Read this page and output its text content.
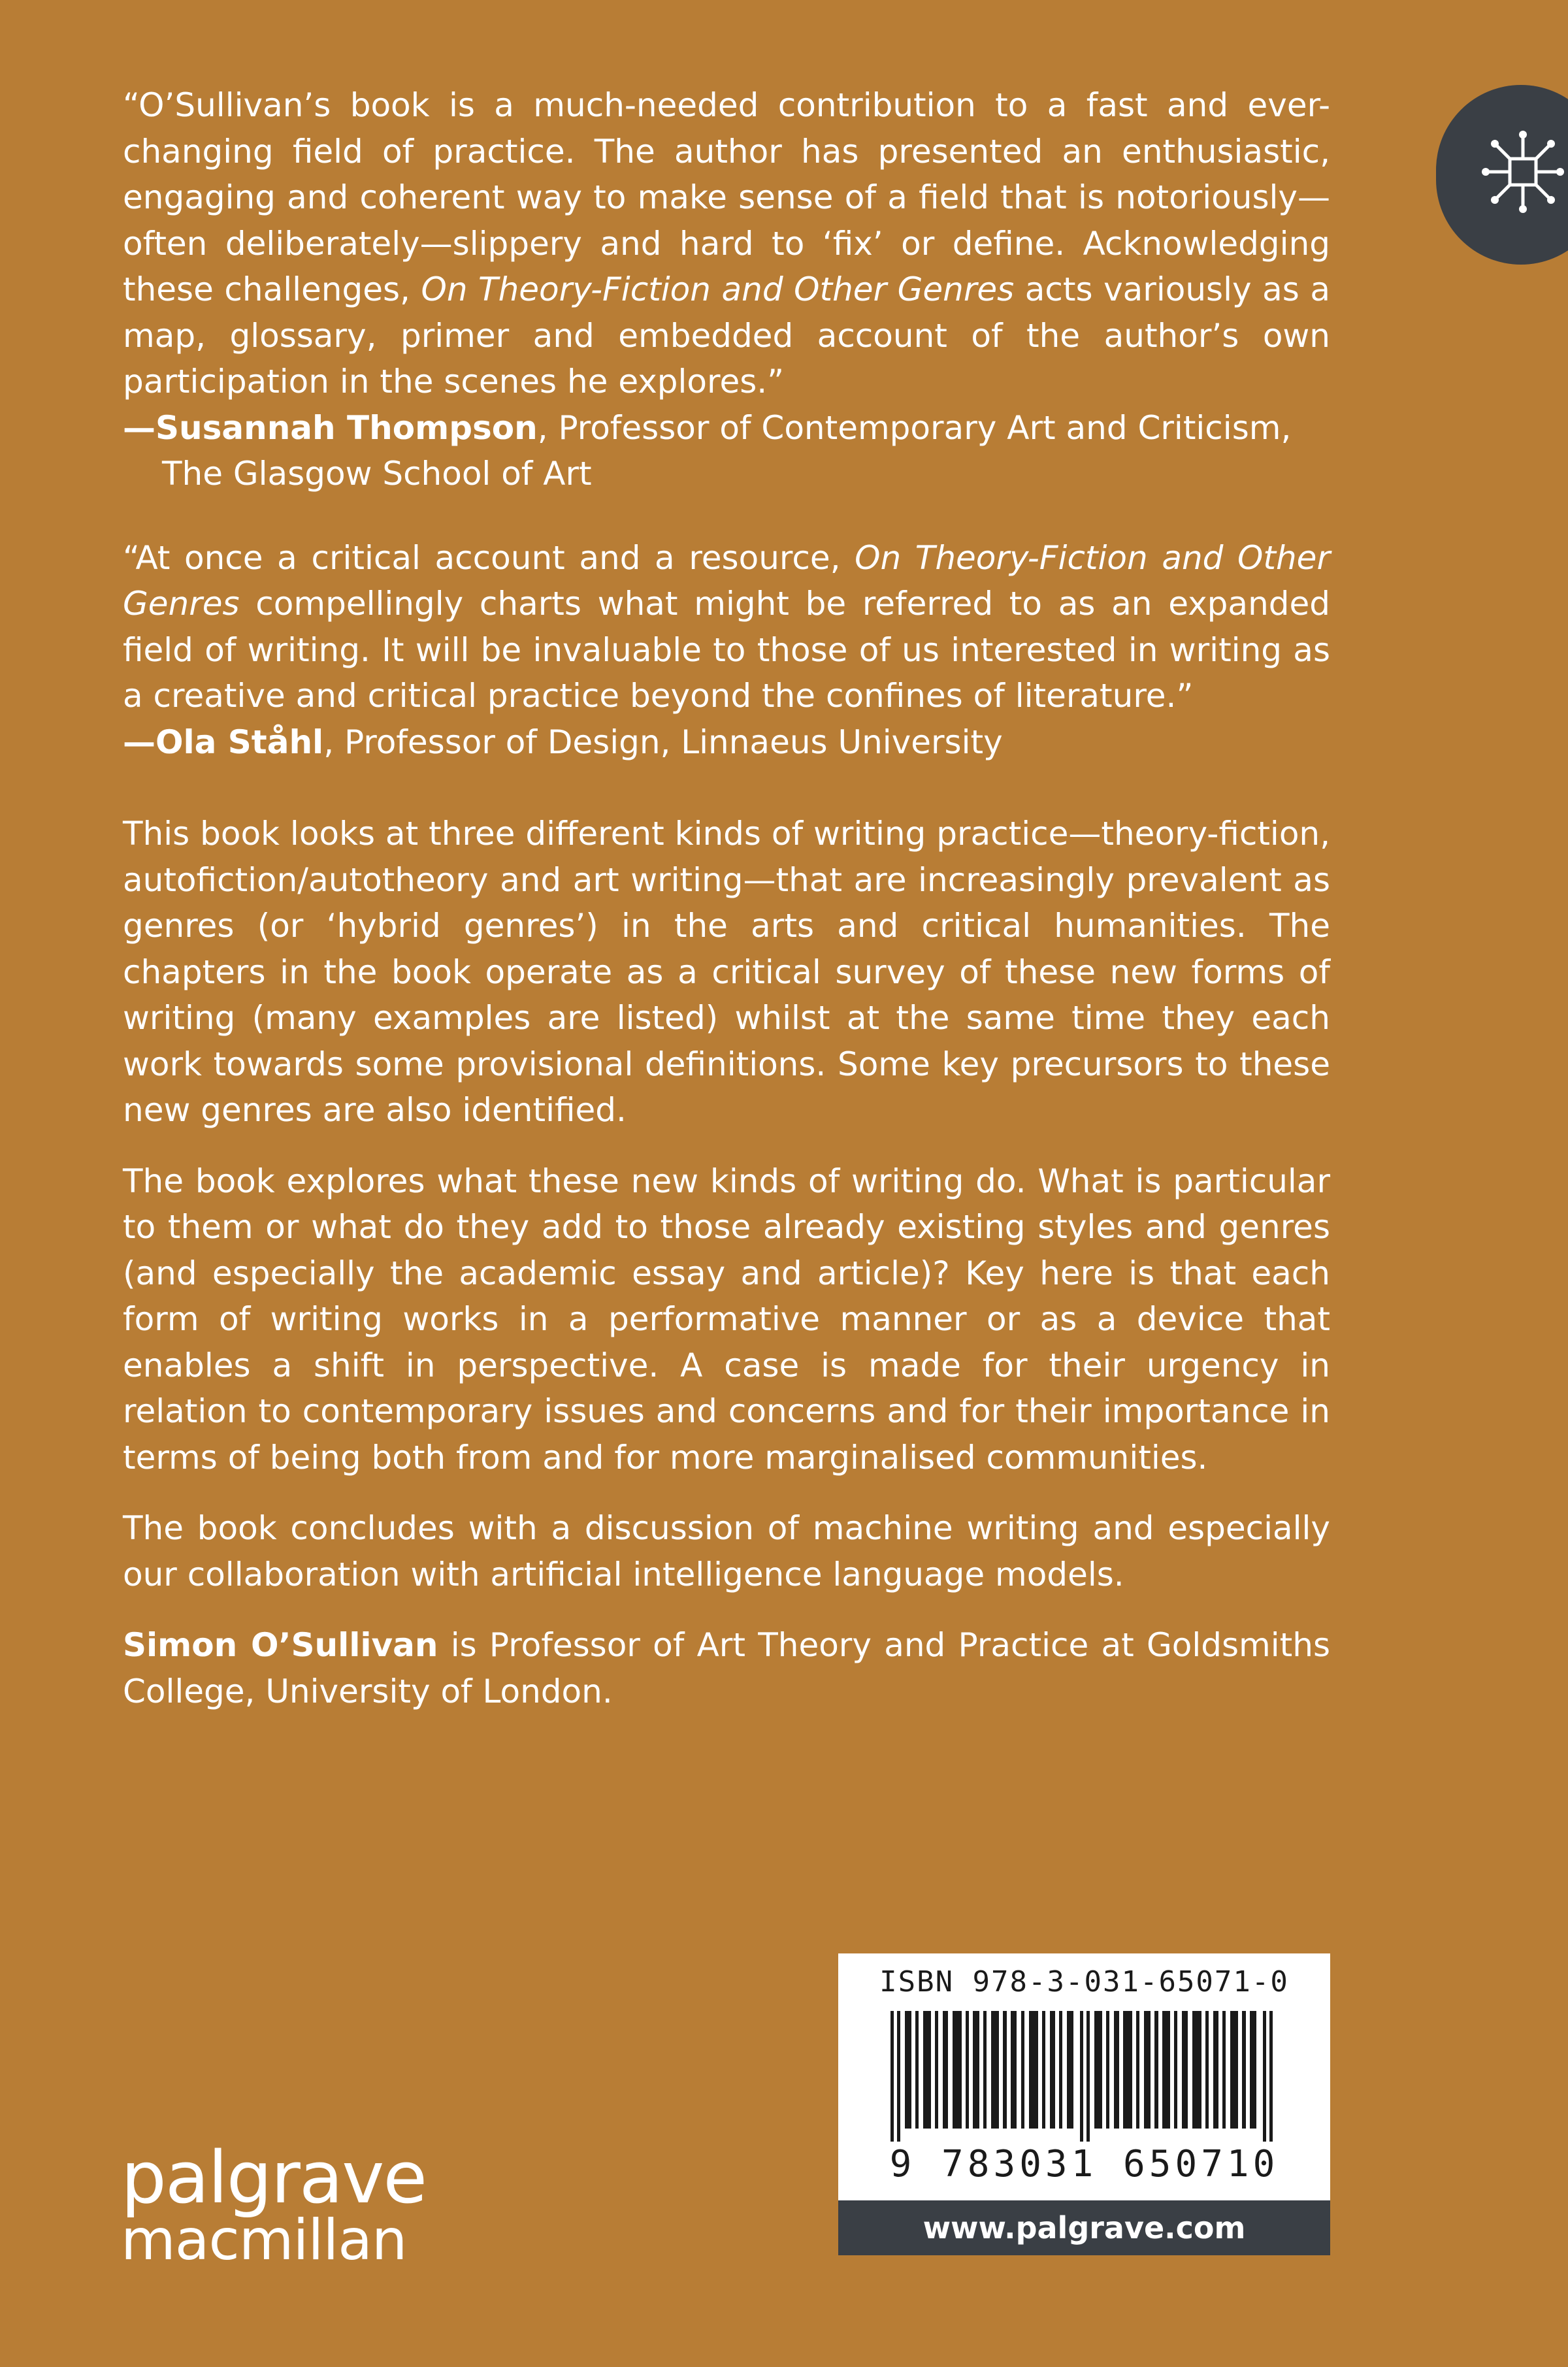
“O’Sullivan’s book is a much-needed contribution to a fast and ever-changing field of practice. The author has presented an enthusiastic, engaging and coherent way to make sense of a field that is notoriously—often deliberately—slippery and hard to ‘fix’ or define. Acknowledging these challenges, On Theory-Fiction and Other Genres acts variously as a map, glossary, primer and embedded account of the author’s own participation in the scenes he explores.”

—Susannah Thompson, Professor of Contemporary Art and Criticism, The Glasgow School of Art

“At once a critical account and a resource, On Theory-Fiction and Other Genres compellingly charts what might be referred to as an expanded field of writing. It will be invaluable to those of us interested in writing as a creative and critical practice beyond the confines of literature.”

—Ola Ståhl, Professor of Design, Linnaeus University

This book looks at three different kinds of writing practice—theory-fiction, autofiction/autotheory and art writing—that are increasingly prevalent as genres (or ‘hybrid genres’) in the arts and critical humanities. The chapters in the book operate as a critical survey of these new forms of writing (many examples are listed) whilst at the same time they each work towards some provisional definitions. Some key precursors to these new genres are also identified.

The book explores what these new kinds of writing do. What is particular to them or what do they add to those already existing styles and genres (and especially the academic essay and article)? Key here is that each form of writing works in a performative manner or as a device that enables a shift in perspective. A case is made for their urgency in relation to contemporary issues and concerns and for their importance in terms of being both from and for more marginalised communities.

The book concludes with a discussion of machine writing and especially our collaboration with artificial intelligence language models.

Simon O’Sullivan is Professor of Art Theory and Practice at Goldsmiths College, University of London.

palgrave
macmillan
ISBN 978-3-031-65071-0
9 783031 650710
www.palgrave.com
